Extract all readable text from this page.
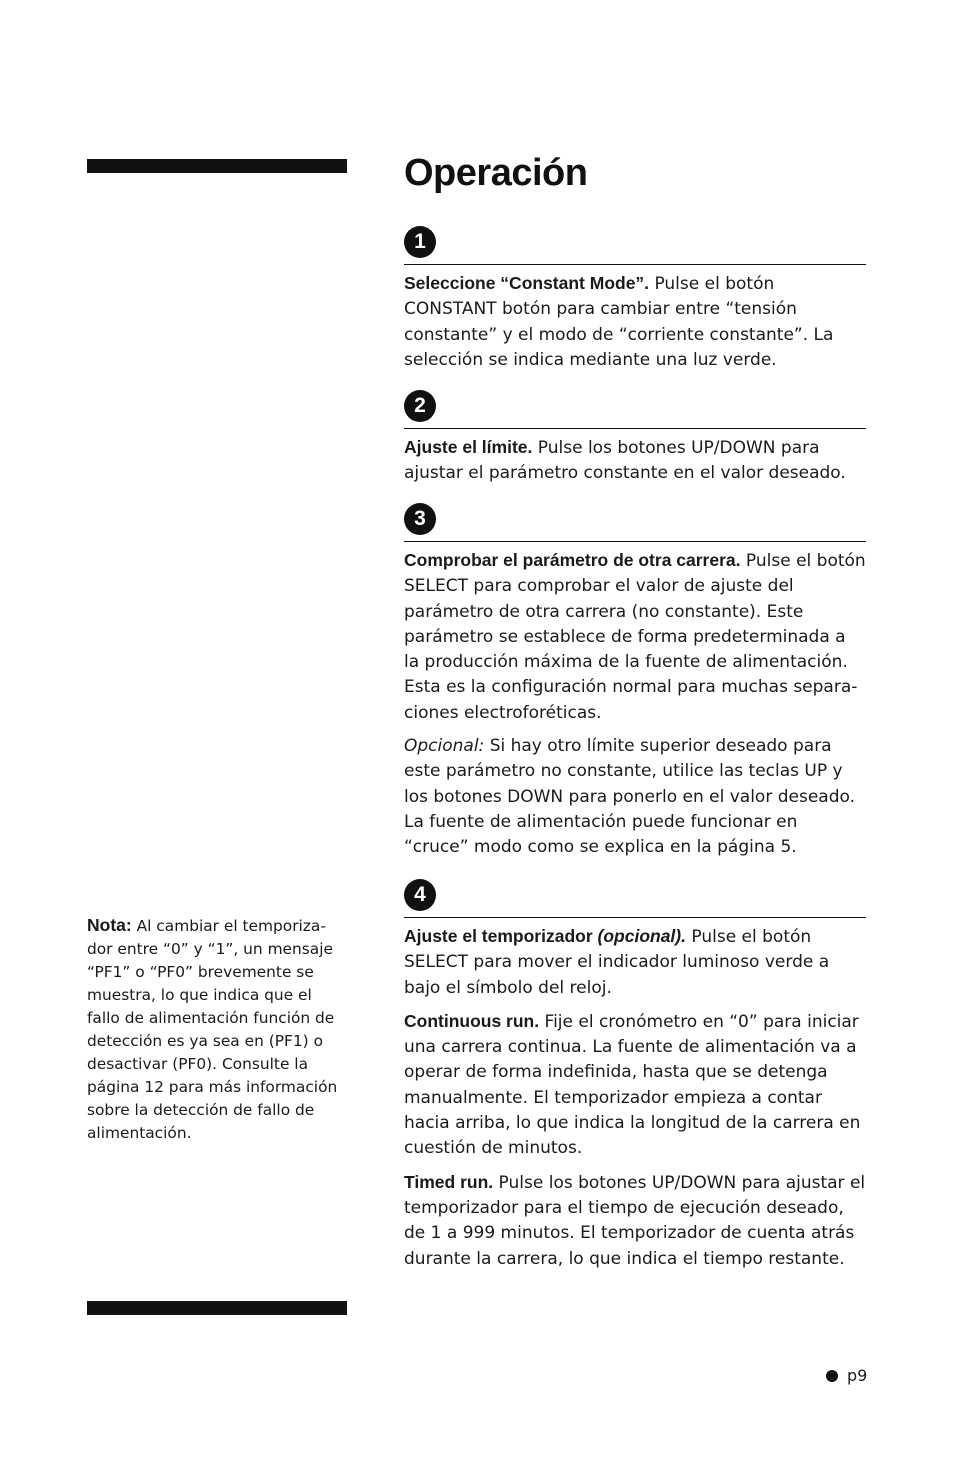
Operación
1

Seleccione “Constant Mode”. Pulse el botón CONSTANT botón para cambiar entre “tensión constante” y el modo de “corriente constante”. La selección se indica mediante una luz verde.

2

Ajuste el límite. Pulse los botones UP/DOWN para ajustar el parámetro constante en el valor deseado.

3

Comprobar el parámetro de otra carrera. Pulse el botón SELECT para comprobar el valor de ajuste del parámetro de otra carrera (no constante). Este parámetro se establece de forma predeterminada a la producción máxima de la fuente de alimentación. Esta es la configuración normal para muchas separa-ciones electroforéticas.

Opcional: Si hay otro límite superior deseado para este parámetro no constante, utilice las teclas UP y los botones DOWN para ponerlo en el valor deseado. La fuente de alimentación puede funcionar en “cruce” modo como se explica en la página 5.

4

Ajuste el temporizador (opcional). Pulse el botón SELECT para mover el indicador luminoso verde a bajo el símbolo del reloj.

Continuous run. Fije el cronómetro en “0” para iniciar una carrera continua. La fuente de alimentación va a operar de forma indefinida, hasta que se detenga manualmente. El temporizador empieza a contar hacia arriba, lo que indica la longitud de la carrera en cuestión de minutos.

Timed run. Pulse los botones UP/DOWN para ajustar el temporizador para el tiempo de ejecución deseado, de 1 a 999 minutos. El temporizador de cuenta atrás durante la carrera, lo que indica el tiempo restante.

Nota: Al cambiar el temporiza-dor entre “0” y “1”, un mensaje “PF1” o “PF0” brevemente se muestra, lo que indica que el fallo de alimentación función de detección es ya sea en (PF1) o desactivar (PF0). Consulte la página 12 para más información sobre la detección de fallo de alimentación.

p9
